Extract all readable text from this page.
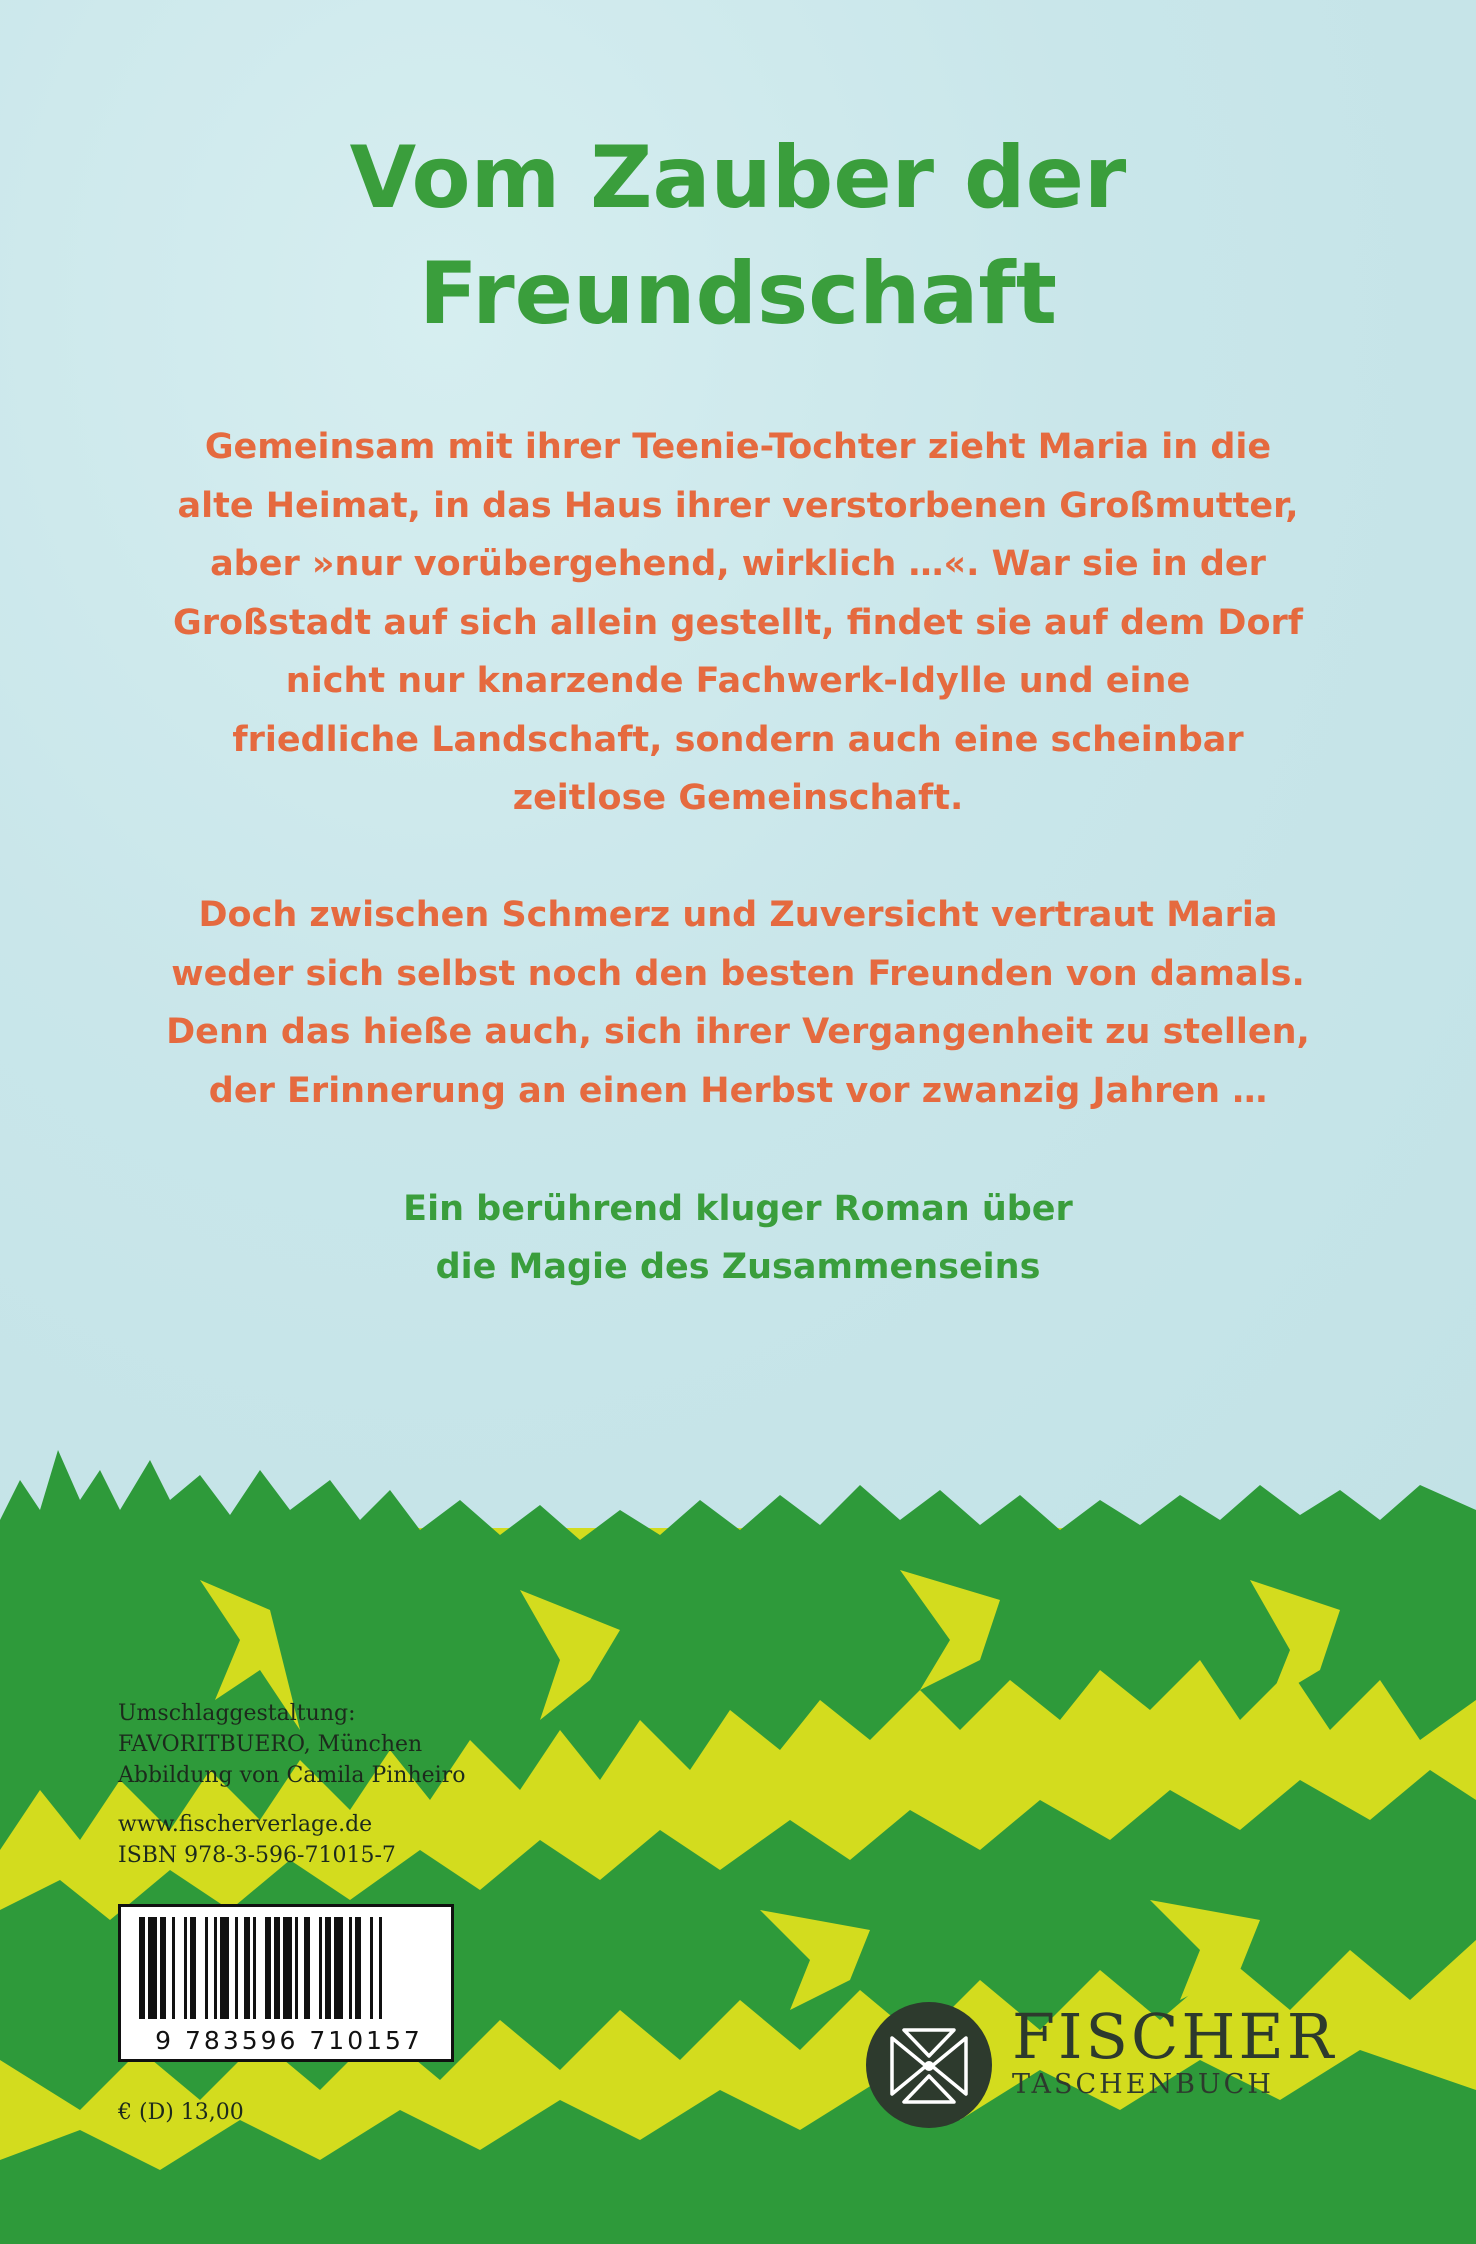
Vom Zauber der
Freundschaft

Gemeinsam mit ihrer Teenie-Tochter zieht Maria in die
alte Heimat, in das Haus ihrer verstorbenen Großmutter,
aber »nur vorübergehend, wirklich …«. War sie in der
Großstadt auf sich allein gestellt, findet sie auf dem Dorf
nicht nur knarzende Fachwerk-Idylle und eine
friedliche Landschaft, sondern auch eine scheinbar
zeitlose Gemeinschaft.

Doch zwischen Schmerz und Zuversicht vertraut Maria
weder sich selbst noch den besten Freunden von damals.
Denn das hieße auch, sich ihrer Vergangenheit zu stellen,
der Erinnerung an einen Herbst vor zwanzig Jahren …

Ein berührend kluger Roman über
die Magie des Zusammenseins

Umschlaggestaltung:
FAVORITBUERO, München
Abbildung von Camila Pinheiro
www.fischerverlage.de
ISBN 978-3-596-71015-7
9 783596 710157
€ (D) 13,00
FISCHER
TASCHENBUCH
